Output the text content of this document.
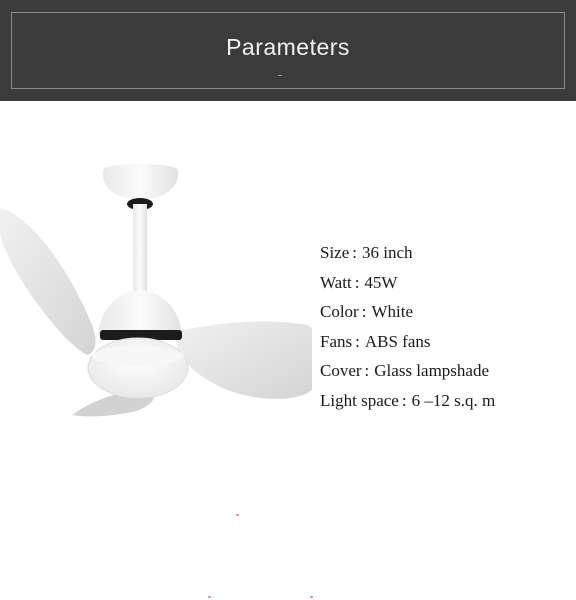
Parameters
Size : 36 inch
Watt : 45W
Color : White
Fans : ABS fans
Cover : Glass lampshade
Light space : 6 –12 s.q. m
